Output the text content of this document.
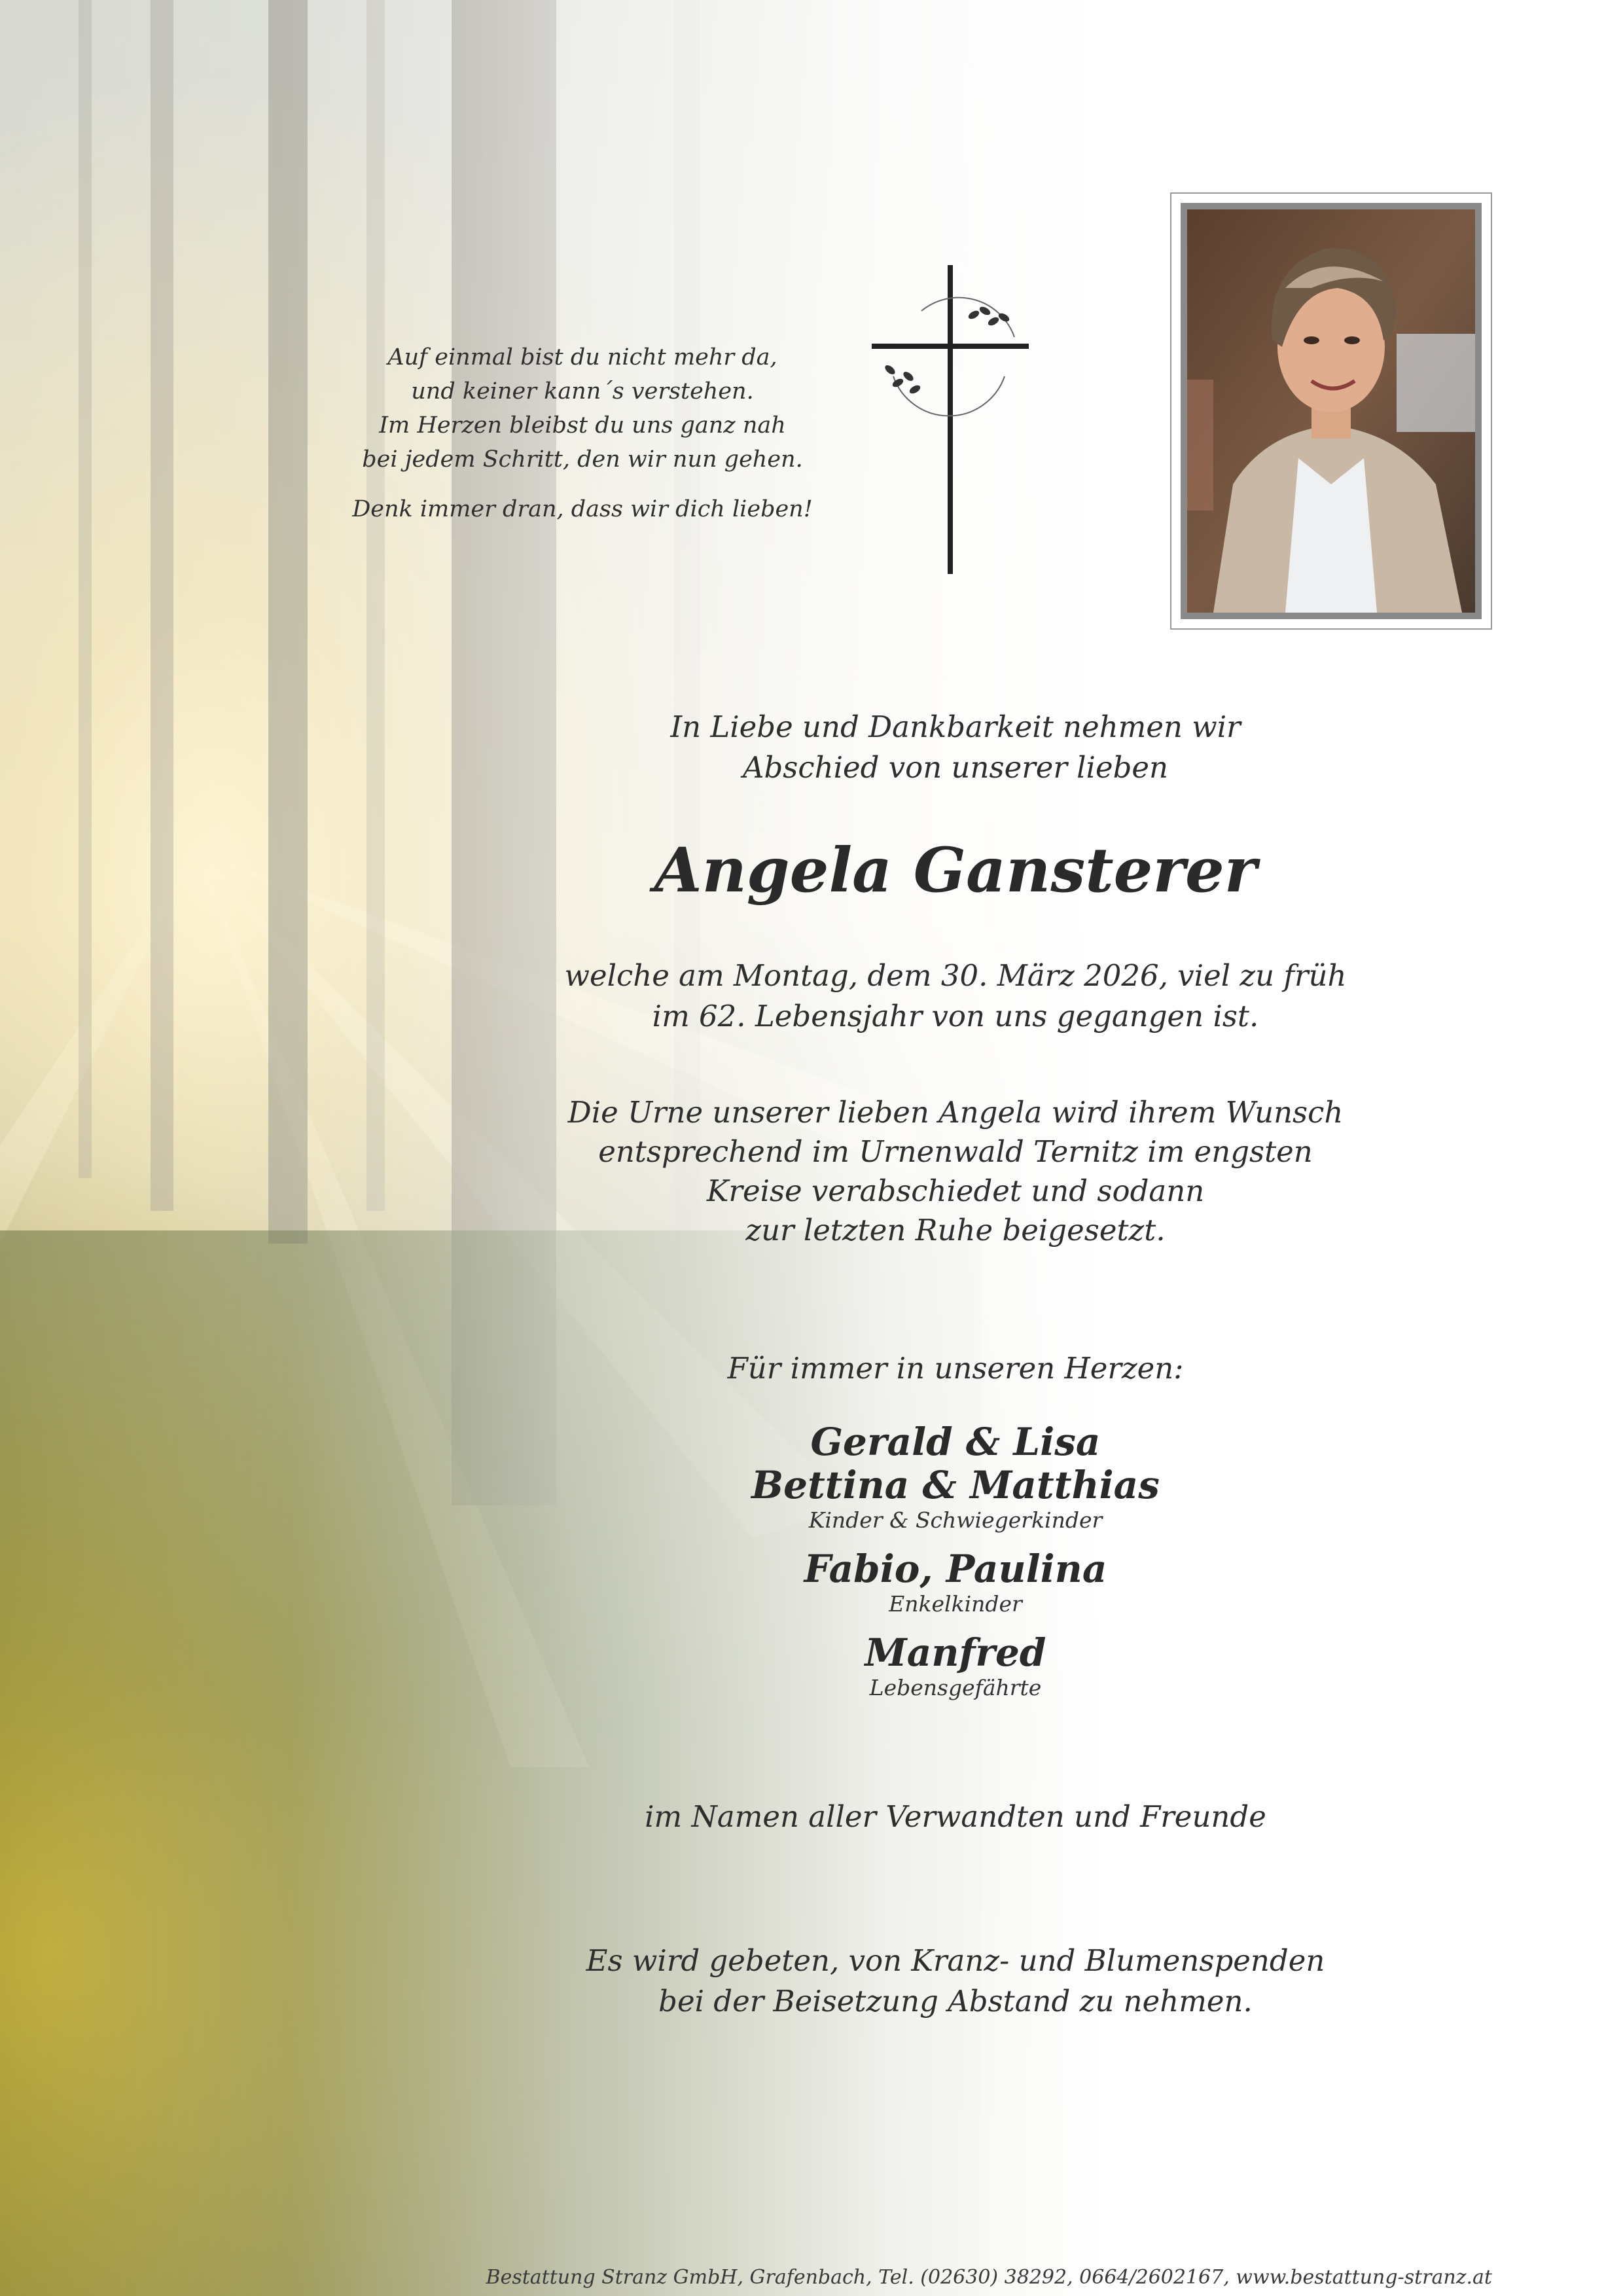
Auf einmal bist du nicht mehr da,
und keiner kann´s verstehen.
Im Herzen bleibst du uns ganz nah
bei jedem Schritt, den wir nun gehen.
Denk immer dran, dass wir dich lieben!
In Liebe und Dankbarkeit nehmen wir
Abschied von unserer lieben
Angela Gansterer
welche am Montag, dem 30. März 2026, viel zu früh
im 62. Lebensjahr von uns gegangen ist.
Die Urne unserer lieben Angela wird ihrem Wunsch
entsprechend im Urnenwald Ternitz im engsten
Kreise verabschiedet und sodann
zur letzten Ruhe beigesetzt.
Für immer in unseren Herzen:
Gerald & Lisa
Bettina & Matthias
Kinder & Schwiegerkinder
Fabio, Paulina
Enkelkinder
Manfred
Lebensgefährte
im Namen aller Verwandten und Freunde
Es wird gebeten, von Kranz- und Blumenspenden
bei der Beisetzung Abstand zu nehmen.
Bestattung Stranz GmbH, Grafenbach, Tel. (02630) 38292, 0664/2602167, www.bestattung-stranz.at
